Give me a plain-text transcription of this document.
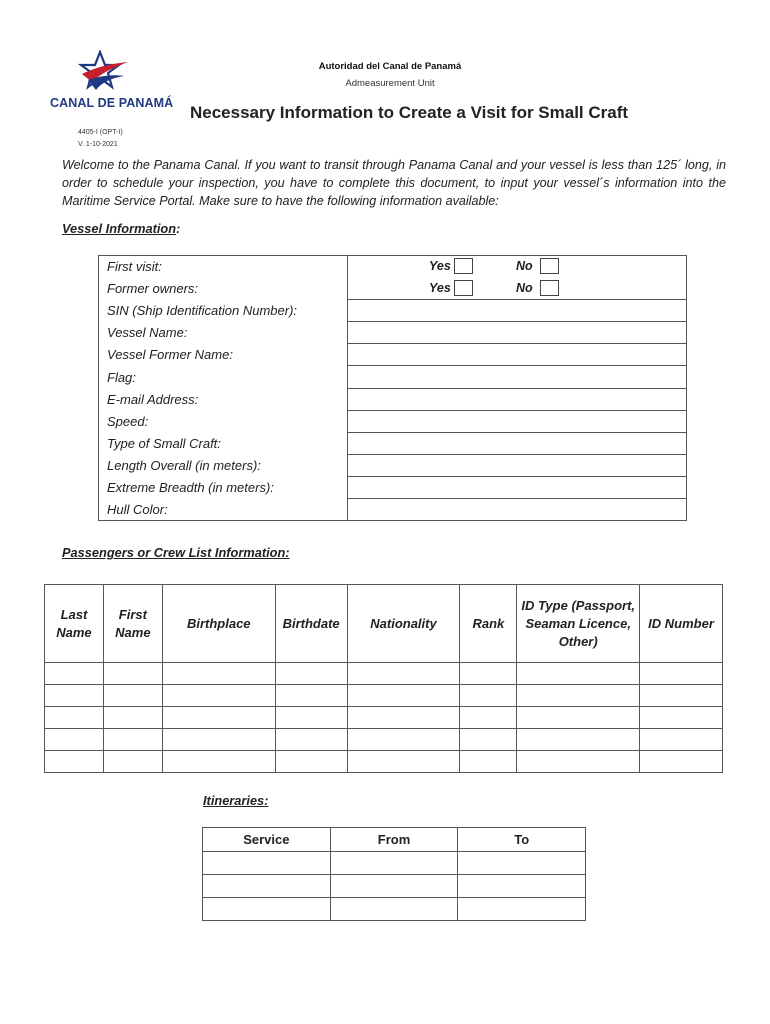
CANAL DE PANAMÁ
Autoridad del Canal de Panamá
Admeasurement Unit
Necessary Information to Create a Visit for Small Craft
4405-I (OPT-I)
V. 1-10-2021

Welcome to the Panama Canal. If you want to transit through Panama Canal and your vessel is less than 125´ long, in order to schedule your inspection, you have to complete this document, to input your vessel´s information into the Maritime Service Portal. Make sure to have the following information available:

Vessel Information:
First visit:	Yes No

Former owners:	Yes No

SIN (Ship Identification Number):	
Vessel Name:	
Vessel Former Name:	
Flag:	
E-mail Address:	
Speed:	
Type of Small Craft:	
Length Overall (in meters):	
Extreme Breadth (in meters):	
Hull Color:	
Passengers or Crew List Information:
Last Name	First Name	Birthplace	Birthdate	Nationality	Rank	ID Type (Passport, Seaman Licence, Other)	ID Number

Itineraries:
Service	From	To
